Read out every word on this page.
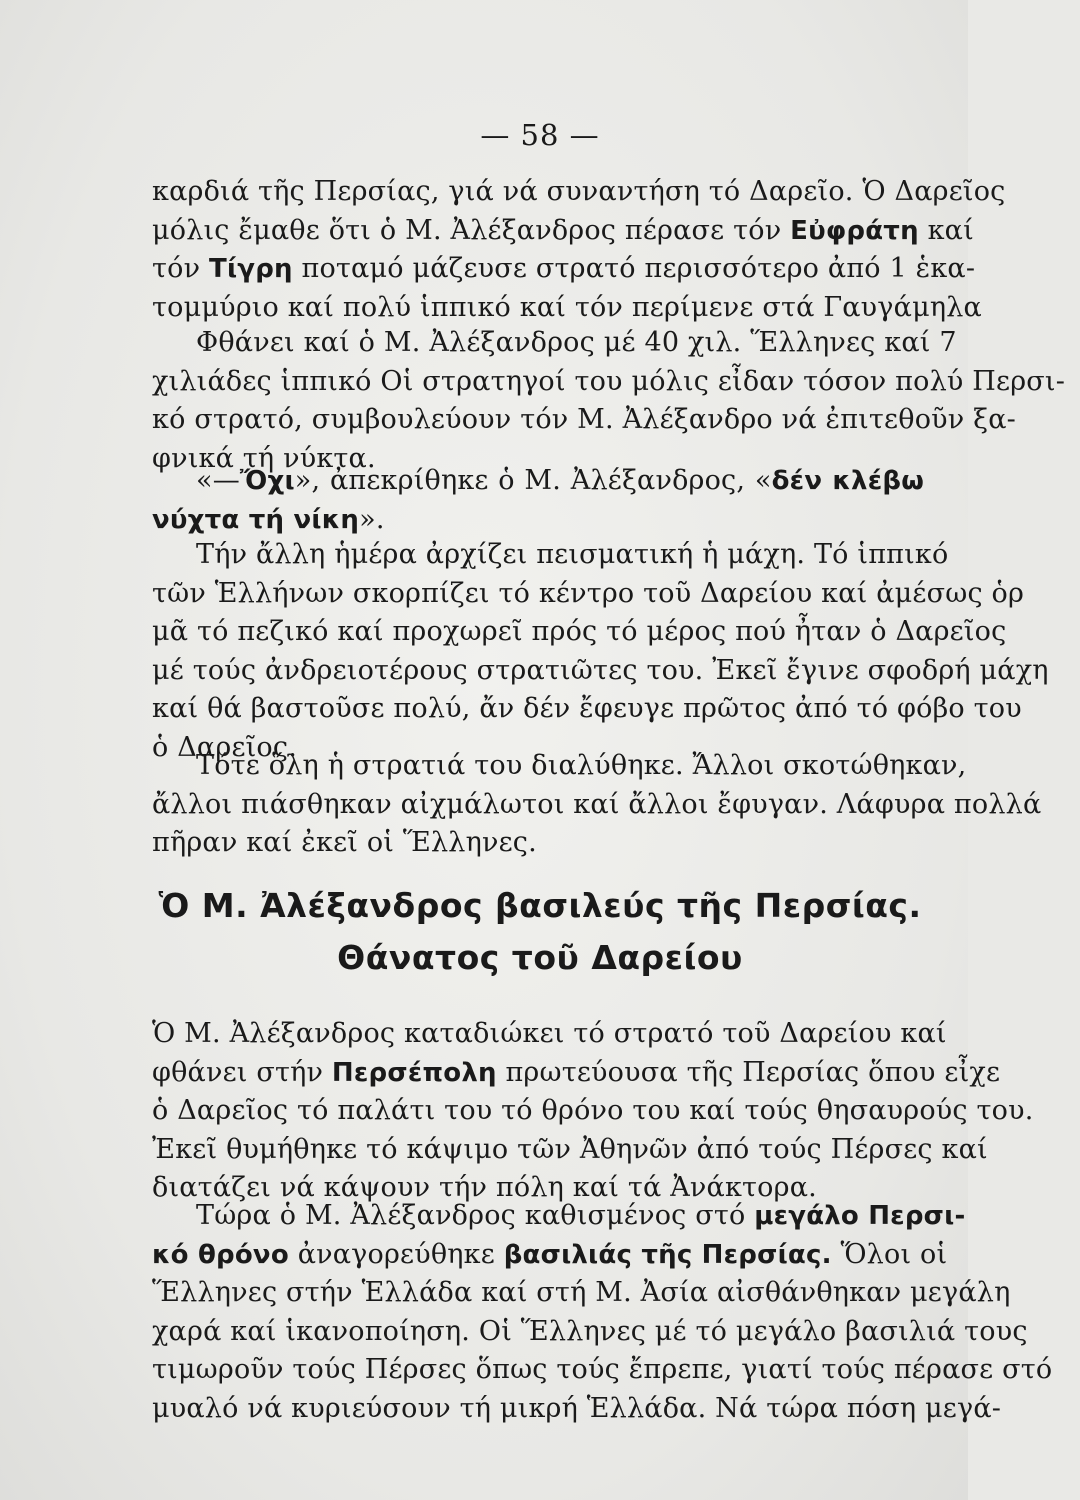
— 58 —
καρδιά τῆς Περσίας, γιά νά συναντήση τό Δαρεῖο. Ὁ Δαρεῖος
μόλις ἔμαθε ὅτι ὁ Μ. Ἀλέξανδρος πέρασε τόν Εὐφράτη καί
τόν Τίγρη ποταμό μάζευσε στρατό περισσότερο ἀπό 1 ἑκα-
τομμύριο καί πολύ ἱππικό καί τόν περίμενε στά Γαυγάμηλα
Φθάνει καί ὁ Μ. Ἀλέξανδρος μέ 40 χιλ. Ἕλληνες καί 7
χιλιάδες ἱππικό Οἱ στρατηγοί του μόλις εἶδαν τόσον πολύ Περσι-
κό στρατό, συμβουλεύουν τόν Μ. Ἀλέξανδρο νά ἐπιτεθοῦν ξα-
φνικά τή νύκτα.
«—Ὄχι», ἀπεκρίθηκε ὁ Μ. Ἀλέξανδρος, «δέν κλέβω
νύχτα τή νίκη».
Τήν ἄλλη ἡμέρα ἀρχίζει πεισματική ἡ μάχη. Τό ἱππικό
τῶν Ἑλλήνων σκορπίζει τό κέντρο τοῦ Δαρείου καί ἀμέσως ὁρ
μᾶ τό πεζικό καί προχωρεῖ πρός τό μέρος πού ἦταν ὁ Δαρεῖος
μέ τούς ἀνδρειοτέρους στρατιῶτες του. Ἐκεῖ ἔγινε σφοδρή μάχη
καί θά βαστοῦσε πολύ, ἄν δέν ἔφευγε πρῶτος ἀπό τό φόβο του
ὁ Δαρεῖος.
Τότε ὅλη ἡ στρατιά του διαλύθηκε. Ἄλλοι σκοτώθηκαν,
ἄλλοι πιάσθηκαν αἰχμάλωτοι καί ἄλλοι ἔφυγαν. Λάφυρα πολλά
πῆραν καί ἐκεῖ οἱ Ἕλληνες.
Ὁ Μ. Ἀλέξανδρος βασιλεύς τῆς Περσίας.
Θάνατος τοῦ Δαρείου
Ὁ Μ. Ἀλέξανδρος καταδιώκει τό στρατό τοῦ Δαρείου καί
φθάνει στήν Περσέπολη πρωτεύουσα τῆς Περσίας ὅπου εἶχε
ὁ Δαρεῖος τό παλάτι του τό θρόνο του καί τούς θησαυρούς του.
Ἐκεῖ θυμήθηκε τό κάψιμο τῶν Ἀθηνῶν ἀπό τούς Πέρσες καί
διατάζει νά κάψουν τήν πόλη καί τά Ἀνάκτορα.
Τώρα ὁ Μ. Ἀλέξανδρος καθισμένος στό μεγάλο Περσι-
κό θρόνο ἀναγορεύθηκε βασιλιάς τῆς Περσίας. Ὅλοι οἱ
Ἕλληνες στήν Ἑλλάδα καί στή Μ. Ἀσία αἰσθάνθηκαν μεγάλη
χαρά καί ἱκανοποίηση. Οἱ Ἕλληνες μέ τό μεγάλο βασιλιά τους
τιμωροῦν τούς Πέρσες ὅπως τούς ἔπρεπε, γιατί τούς πέρασε στό
μυαλό νά κυριεύσουν τή μικρή Ἑλλάδα. Νά τώρα πόση μεγά-
